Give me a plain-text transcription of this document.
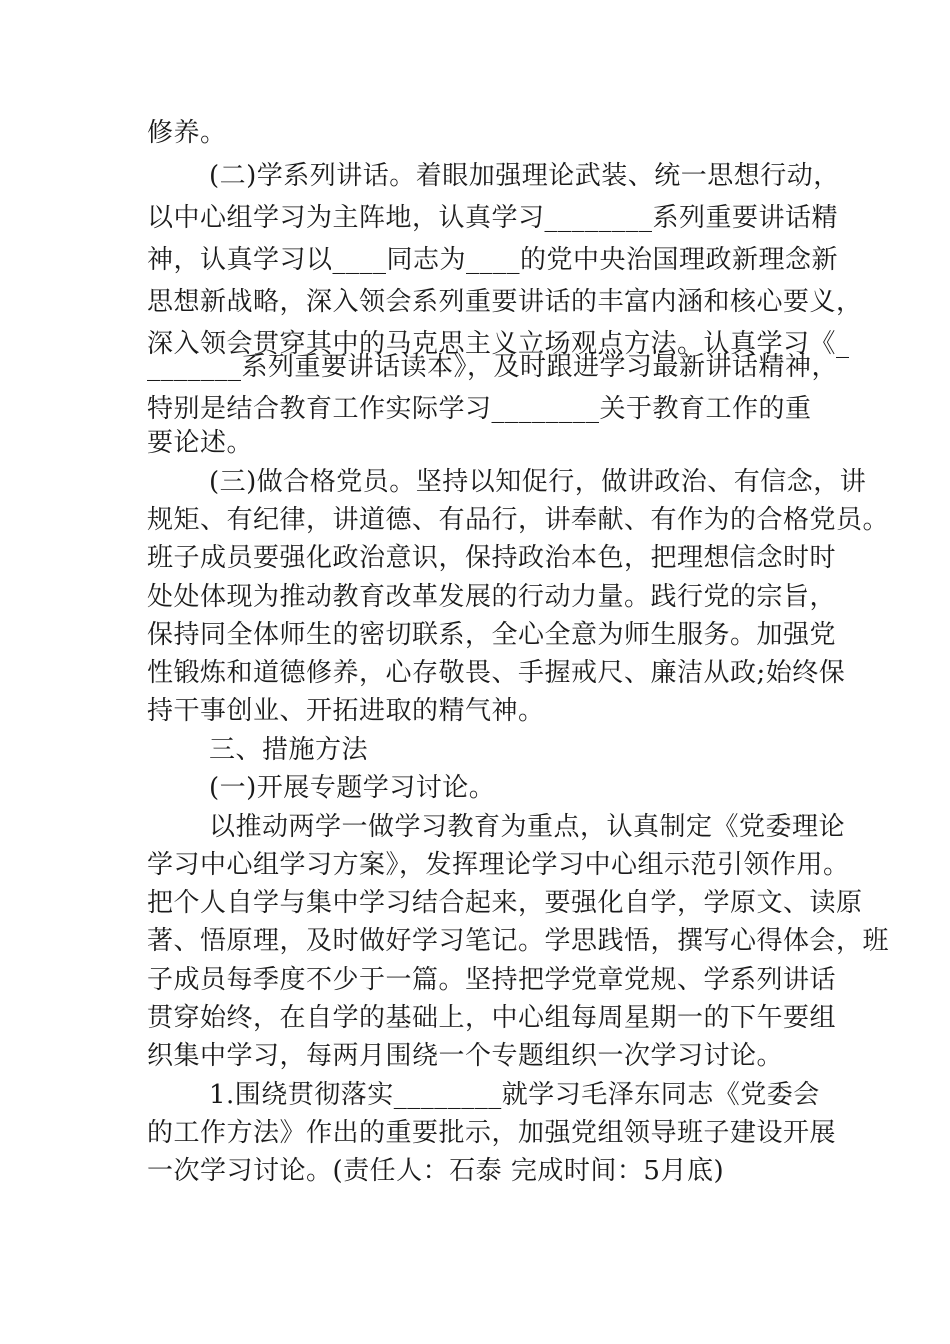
修养。
(二)学系列讲话。着眼加强理论武装、统一思想行动，
以中心组学习为主阵地，认真学习________系列重要讲话精
神，认真学习以____同志为____的党中央治国理政新理念新
思想新战略，深入领会系列重要讲话的丰富内涵和核心要义，
深入领会贯穿其中的马克思主义立场观点方法。认真学习《_
_______系列重要讲话读本》，及时跟进学习最新讲话精神，
特别是结合教育工作实际学习________关于教育工作的重
要论述。
(三)做合格党员。坚持以知促行，做讲政治、有信念，讲
规矩、有纪律，讲道德、有品行，讲奉献、有作为的合格党员。
班子成员要强化政治意识，保持政治本色，把理想信念时时
处处体现为推动教育改革发展的行动力量。践行党的宗旨，
保持同全体师生的密切联系，全心全意为师生服务。加强党
性锻炼和道德修养，心存敬畏、手握戒尺、廉洁从政;始终保
持干事创业、开拓进取的精气神。
三、措施方法
(一)开展专题学习讨论。
以推动两学一做学习教育为重点，认真制定《党委理论
学习中心组学习方案》，发挥理论学习中心组示范引领作用。
把个人自学与集中学习结合起来，要强化自学，学原文、读原
著、悟原理，及时做好学习笔记。学思践悟，撰写心得体会，班
子成员每季度不少于一篇。坚持把学党章党规、学系列讲话
贯穿始终，在自学的基础上，中心组每周星期一的下午要组
织集中学习，每两月围绕一个专题组织一次学习讨论。
1.围绕贯彻落实________就学习毛泽东同志《党委会
的工作方法》作出的重要批示，加强党组领导班子建设开展
一次学习讨论。(责任人：石泰 完成时间：5月底)
